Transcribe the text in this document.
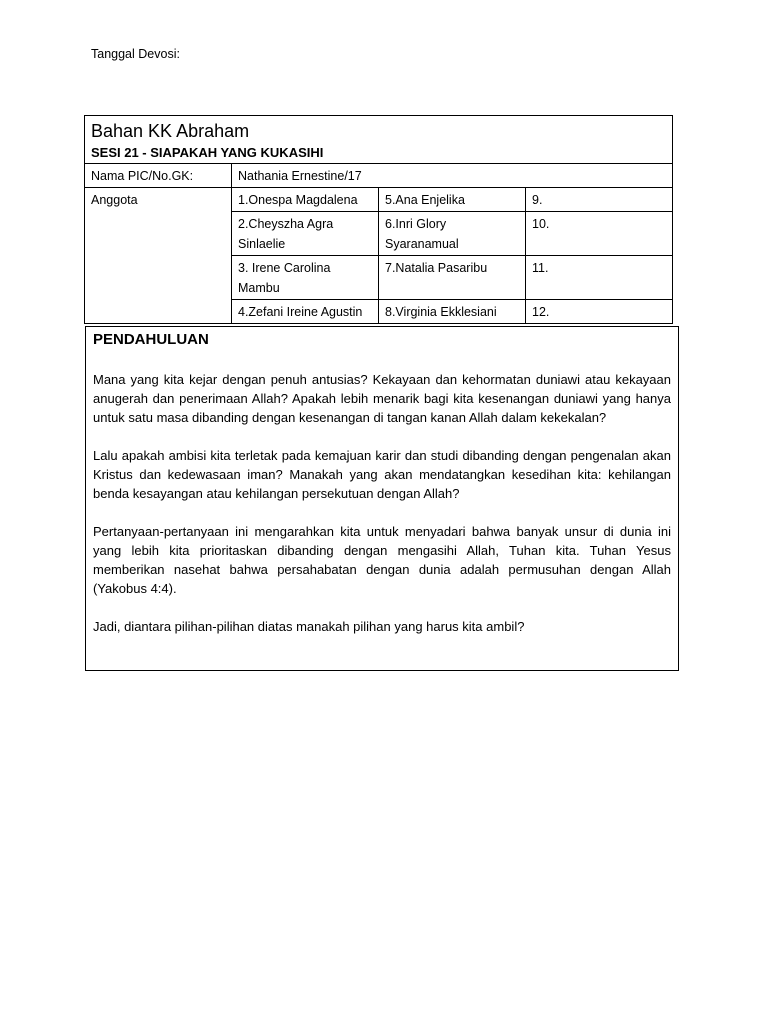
Tanggal Devosi:
Bahan KK Abraham
SESI 21 - SIAPAKAH YANG KUKASIHI			

Nama PIC/No.GK:	Nathania Ernestine/17		
Anggota	1.Onespa Magdalena	5.Ana Enjelika	9.
	2.Cheyszha Agra Sinlaelie	6.Inri Glory Syaranamual	10.
	3. Irene Carolina Mambu	7.Natalia Pasaribu	11.
	4.Zefani Ireine Agustin	8.Virginia Ekklesiani	12.
PENDAHULUAN

Mana yang kita kejar dengan penuh antusias? Kekayaan dan kehormatan duniawi atau kekayaan anugerah dan penerimaan Allah? Apakah lebih menarik bagi kita kesenangan duniawi yang hanya untuk satu masa dibanding dengan kesenangan di tangan kanan Allah dalam kekekalan?

Lalu apakah ambisi kita terletak pada kemajuan karir dan studi dibanding dengan pengenalan akan Kristus dan kedewasaan iman? Manakah yang akan mendatangkan kesedihan kita: kehilangan benda kesayangan atau kehilangan persekutuan dengan Allah?

Pertanyaan-pertanyaan ini mengarahkan kita untuk menyadari bahwa banyak unsur di dunia ini yang lebih kita prioritaskan dibanding dengan mengasihi Allah, Tuhan kita. Tuhan Yesus memberikan nasehat bahwa persahabatan dengan dunia adalah permusuhan dengan Allah (Yakobus 4:4).

Jadi, diantara pilihan-pilihan diatas manakah pilihan yang harus kita ambil?
